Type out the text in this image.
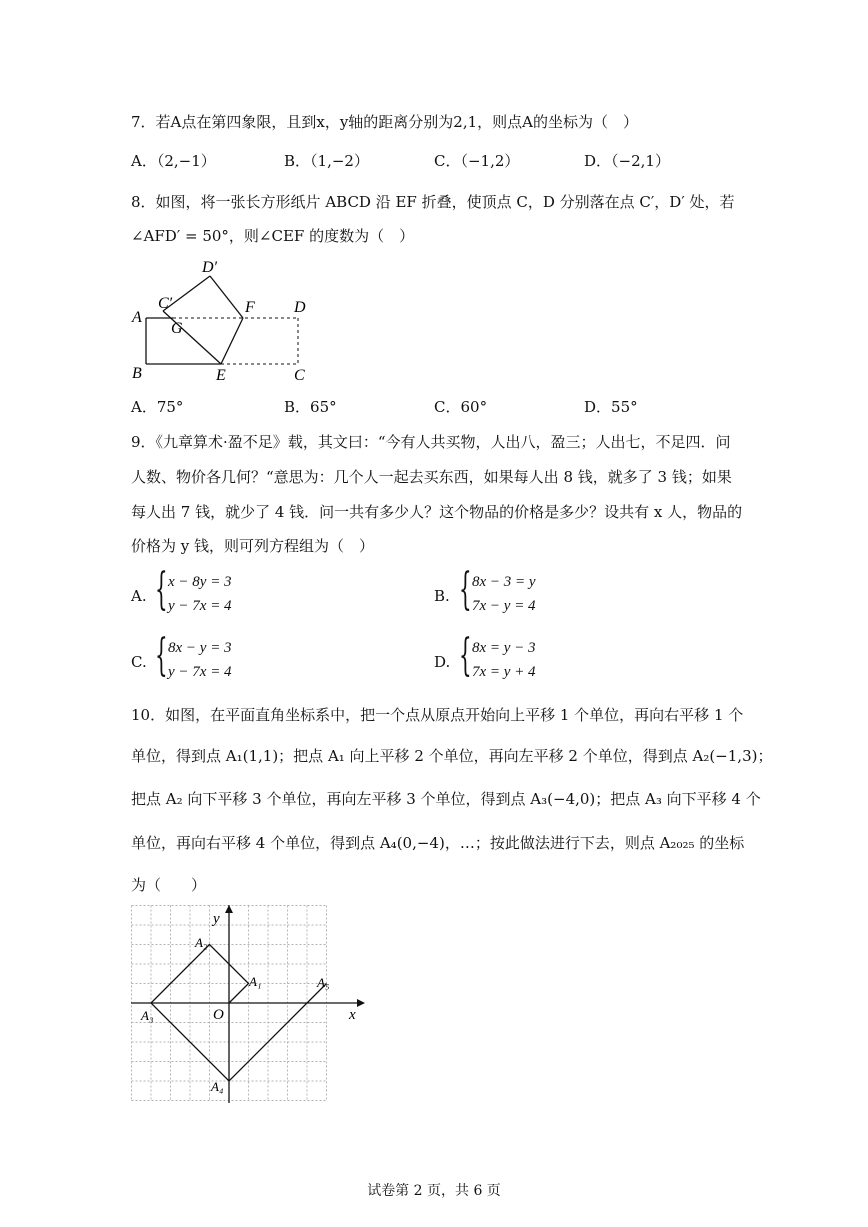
7．若A点在第四象限，且到x，y轴的距离分别为2,1，则点A的坐标为（　）
A．（2,−1）	B．（1,−2）	C．（−1,2）	D．（−2,1）
8．如图，将一张长方形纸片 ABCD 沿 EF 折叠，使顶点 C，D 分别落在点 C′，D′ 处，若
∠AFD′ = 50°，则∠CEF 的度数为（　）
A
B	E	C
D
F
G
C′
D′
A．75°	B．65°	C．60°	D．55°
9．《九章算术·盈不足》载，其文曰：“今有人共买物，人出八，盈三；人出七，不足四．问
人数、物价各几何？“意思为：几个人一起去买东西，如果每人出 8 钱，就多了 3 钱；如果
每人出 7 钱，就少了 4 钱．问一共有多少人？这个物品的价格是多少？设共有 x 人，物品的
价格为 y 钱，则可列方程组为（　）
A. { x − 8y = 3
y − 7x = 4
B. { 8x − 3 = y
7x − y = 4
C. { 8x − y = 3
y − 7x = 4
D. { 8x = y − 3
7x = y + 4
10．如图，在平面直角坐标系中，把一个点从原点开始向上平移 1 个单位，再向右平移 1 个
单位，得到点 A₁(1,1)；把点 A₁ 向上平移 2 个单位，再向左平移 2 个单位，得到点 A₂(−1,3)；
把点 A₂ 向下平移 3 个单位，再向左平移 3 个单位，得到点 A₃(−4,0)；把点 A₃ 向下平移 4 个
单位，再向右平移 4 个单位，得到点 A₄(0,−4)，…；按此做法进行下去，则点 A₂₀₂₅ 的坐标
为（　　）
y
x
O
A₁
A₂
A₃
A₄
A₅
试卷第 2 页，共 6 页
